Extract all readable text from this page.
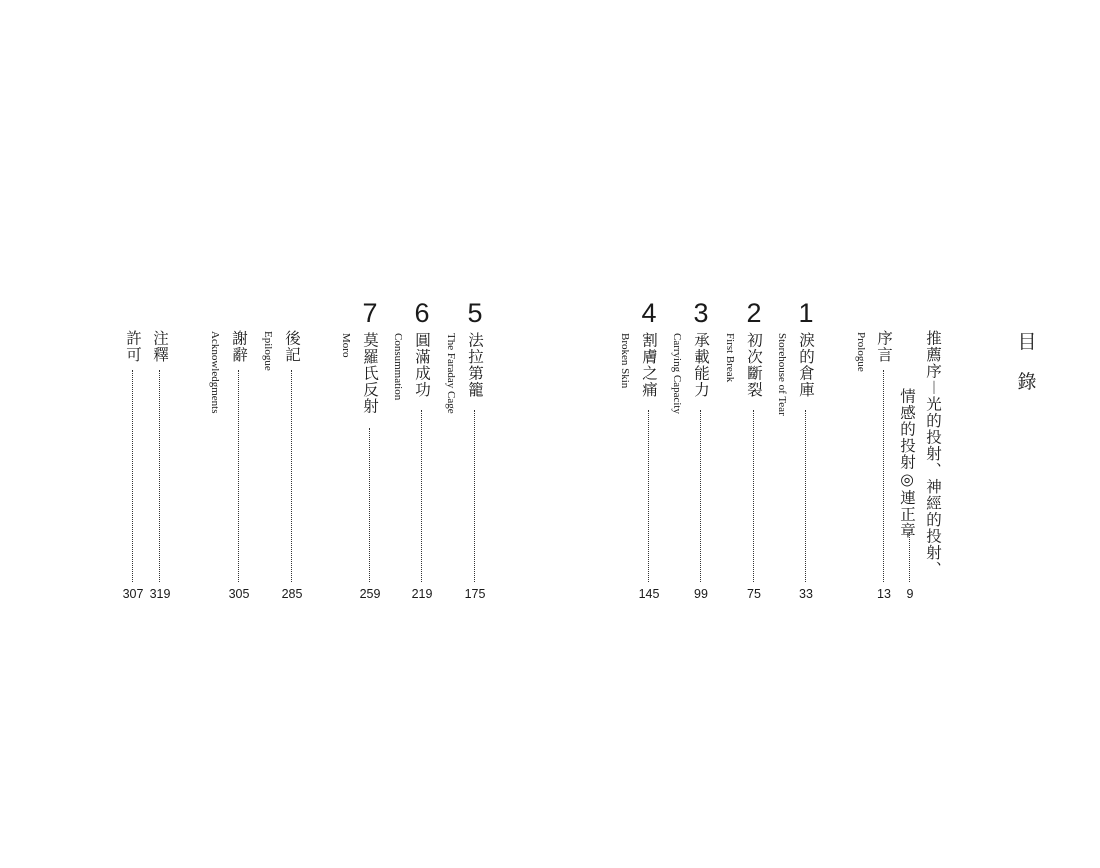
目
錄
推薦序︱光的投射、神經的投射、
情感的投射◎連正章
9
序言
Prologue
13
1
淚的倉庫
Storehouse of Tear
33
2
初次斷裂
First Break
75
3
承載能力
Carrying Capacity
99
4
割膚之痛
Broken Skin
145
5
法拉第籠
The Faraday Cage
175
6
圓滿成功
Consummation
219
7
莫羅氏反射
Moro
259
後記
Epilogue
285
謝辭
Acknowledgments
305
注釋
319
許可
307
